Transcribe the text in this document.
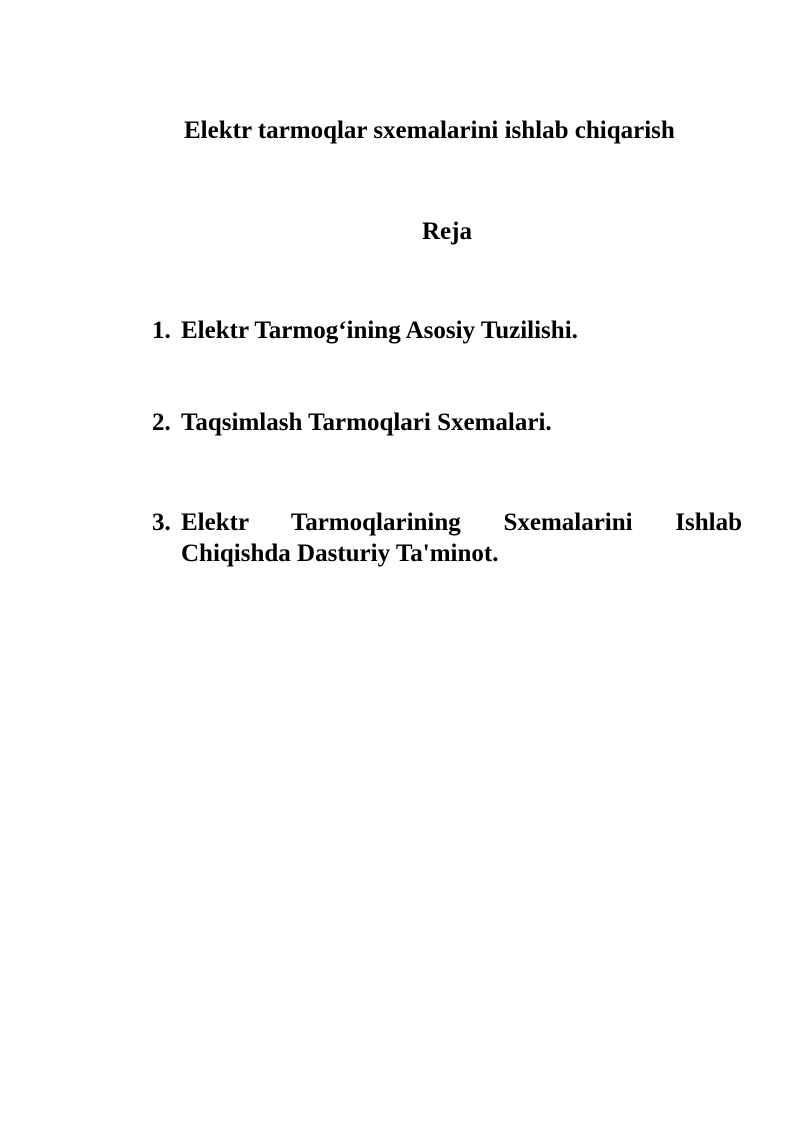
Elektr tarmoqlar sxemalarini ishlab chiqarish
Reja
1. Elektr Tarmog‘ining Asosiy Tuzilishi.
2. Taqsimlash Tarmoqlari Sxemalari.
3. Elektr Tarmoqlarining Sxemalarini Ishlab Chiqishda Dasturiy Ta'minot.
